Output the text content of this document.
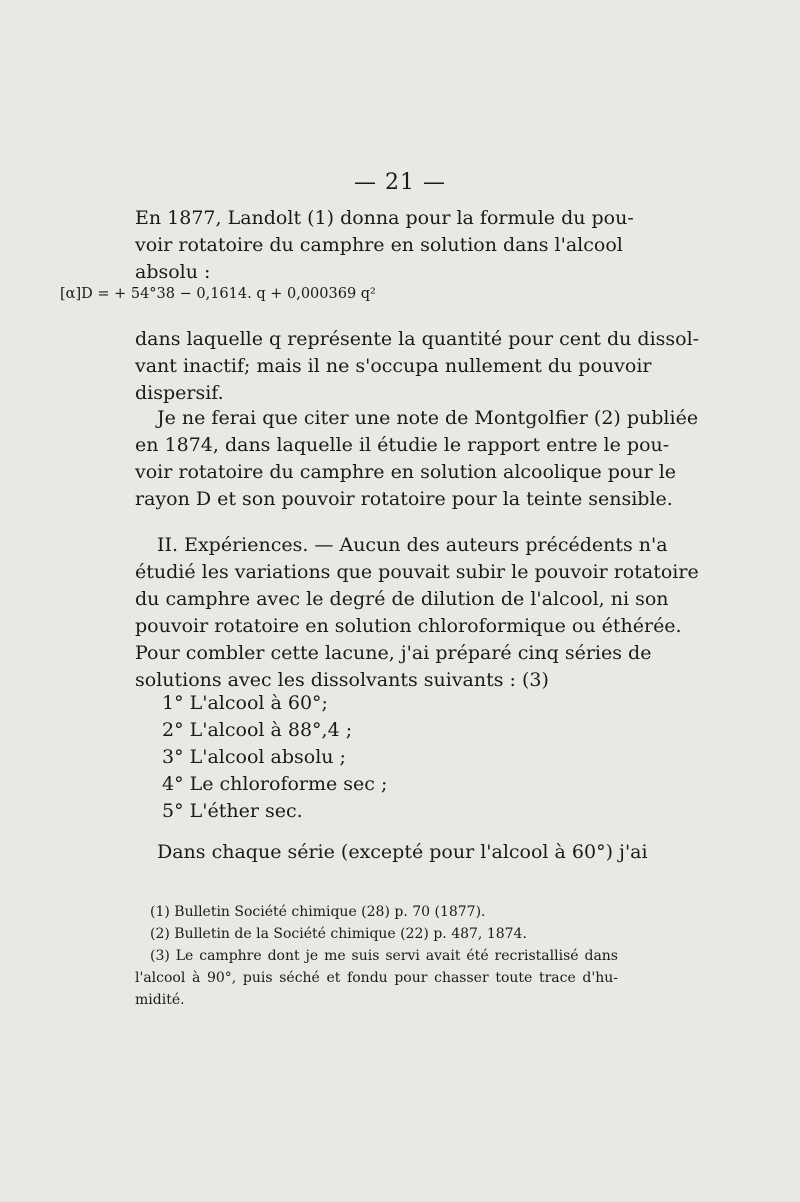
— 21 —
En 1877, Landolt (1) donna pour la formule du pou-
voir rotatoire du camphre en solution dans l'alcool
absolu :
[α]D = + 54°38 − 0,1614. q + 0,000369 q²
dans laquelle q représente la quantité pour cent du dissol-
vant inactif; mais il ne s'occupa nullement du pouvoir
dispersif.
Je ne ferai que citer une note de Montgolfier (2) publiée
en 1874, dans laquelle il étudie le rapport entre le pou-
voir rotatoire du camphre en solution alcoolique pour le
rayon D et son pouvoir rotatoire pour la teinte sensible.
II. Expériences. — Aucun des auteurs précédents n'a
étudié les variations que pouvait subir le pouvoir rotatoire
du camphre avec le degré de dilution de l'alcool, ni son
pouvoir rotatoire en solution chloroformique ou éthérée.
Pour combler cette lacune, j'ai préparé cinq séries de
solutions avec les dissolvants suivants : (3)
1° L'alcool à 60°;
2° L'alcool à 88°,4 ;
3° L'alcool absolu ;
4° Le chloroforme sec ;
5° L'éther sec.
Dans chaque série (excepté pour l'alcool à 60°) j'ai
(1) Bulletin Société chimique (28) p. 70 (1877).
(2) Bulletin de la Société chimique (22) p. 487, 1874.
(3) Le camphre dont je me suis servi avait été recristallisé dans
l'alcool à 90°, puis séché et fondu pour chasser toute trace d'hu-
midité.
